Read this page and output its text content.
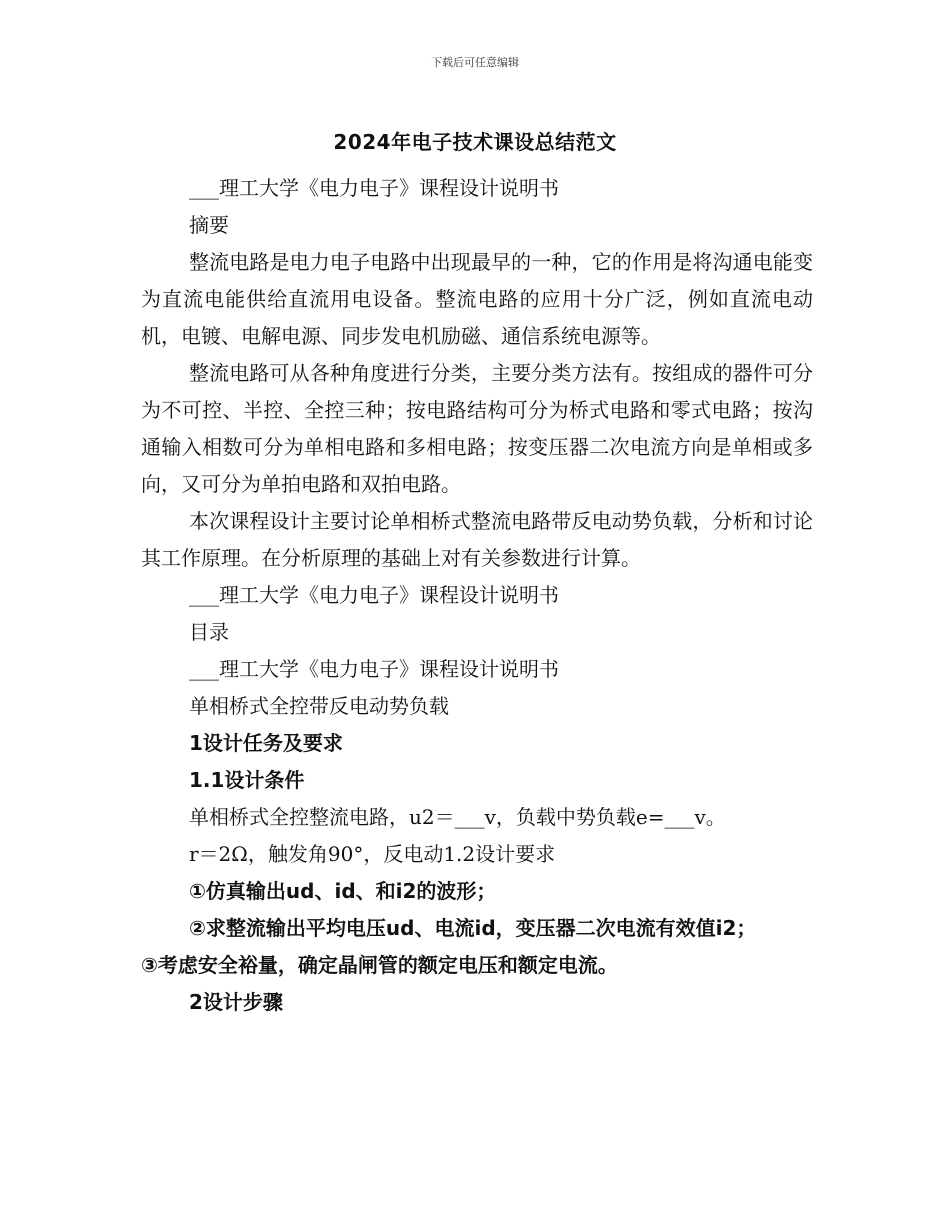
下载后可任意编辑
2024年电子技术课设总结范文

___理工大学《电力电子》课程设计说明书

摘要

整流电路是电力电子电路中出现最早的一种，它的作用是将沟通电能变为直流电能供给直流用电设备。整流电路的应用十分广泛，例如直流电动机，电镀、电解电源、同步发电机励磁、通信系统电源等。

整流电路可从各种角度进行分类，主要分类方法有。按组成的器件可分为不可控、半控、全控三种；按电路结构可分为桥式电路和零式电路；按沟通输入相数可分为单相电路和多相电路；按变压器二次电流方向是单相或多向，又可分为单拍电路和双拍电路。

本次课程设计主要讨论单相桥式整流电路带反电动势负载，分析和讨论其工作原理。在分析原理的基础上对有关参数进行计算。

___理工大学《电力电子》课程设计说明书

目录

___理工大学《电力电子》课程设计说明书

单相桥式全控带反电动势负载

1设计任务及要求

1.1设计条件

单相桥式全控整流电路，u2＝___v，负载中势负载e=___v。

r＝2Ω，触发角90°，反电动1.2设计要求

①仿真输出ud、id、和i2的波形；

②求整流输出平均电压ud、电流id，变压器二次电流有效值i2；

③考虑安全裕量，确定晶闸管的额定电压和额定电流。

2设计步骤
